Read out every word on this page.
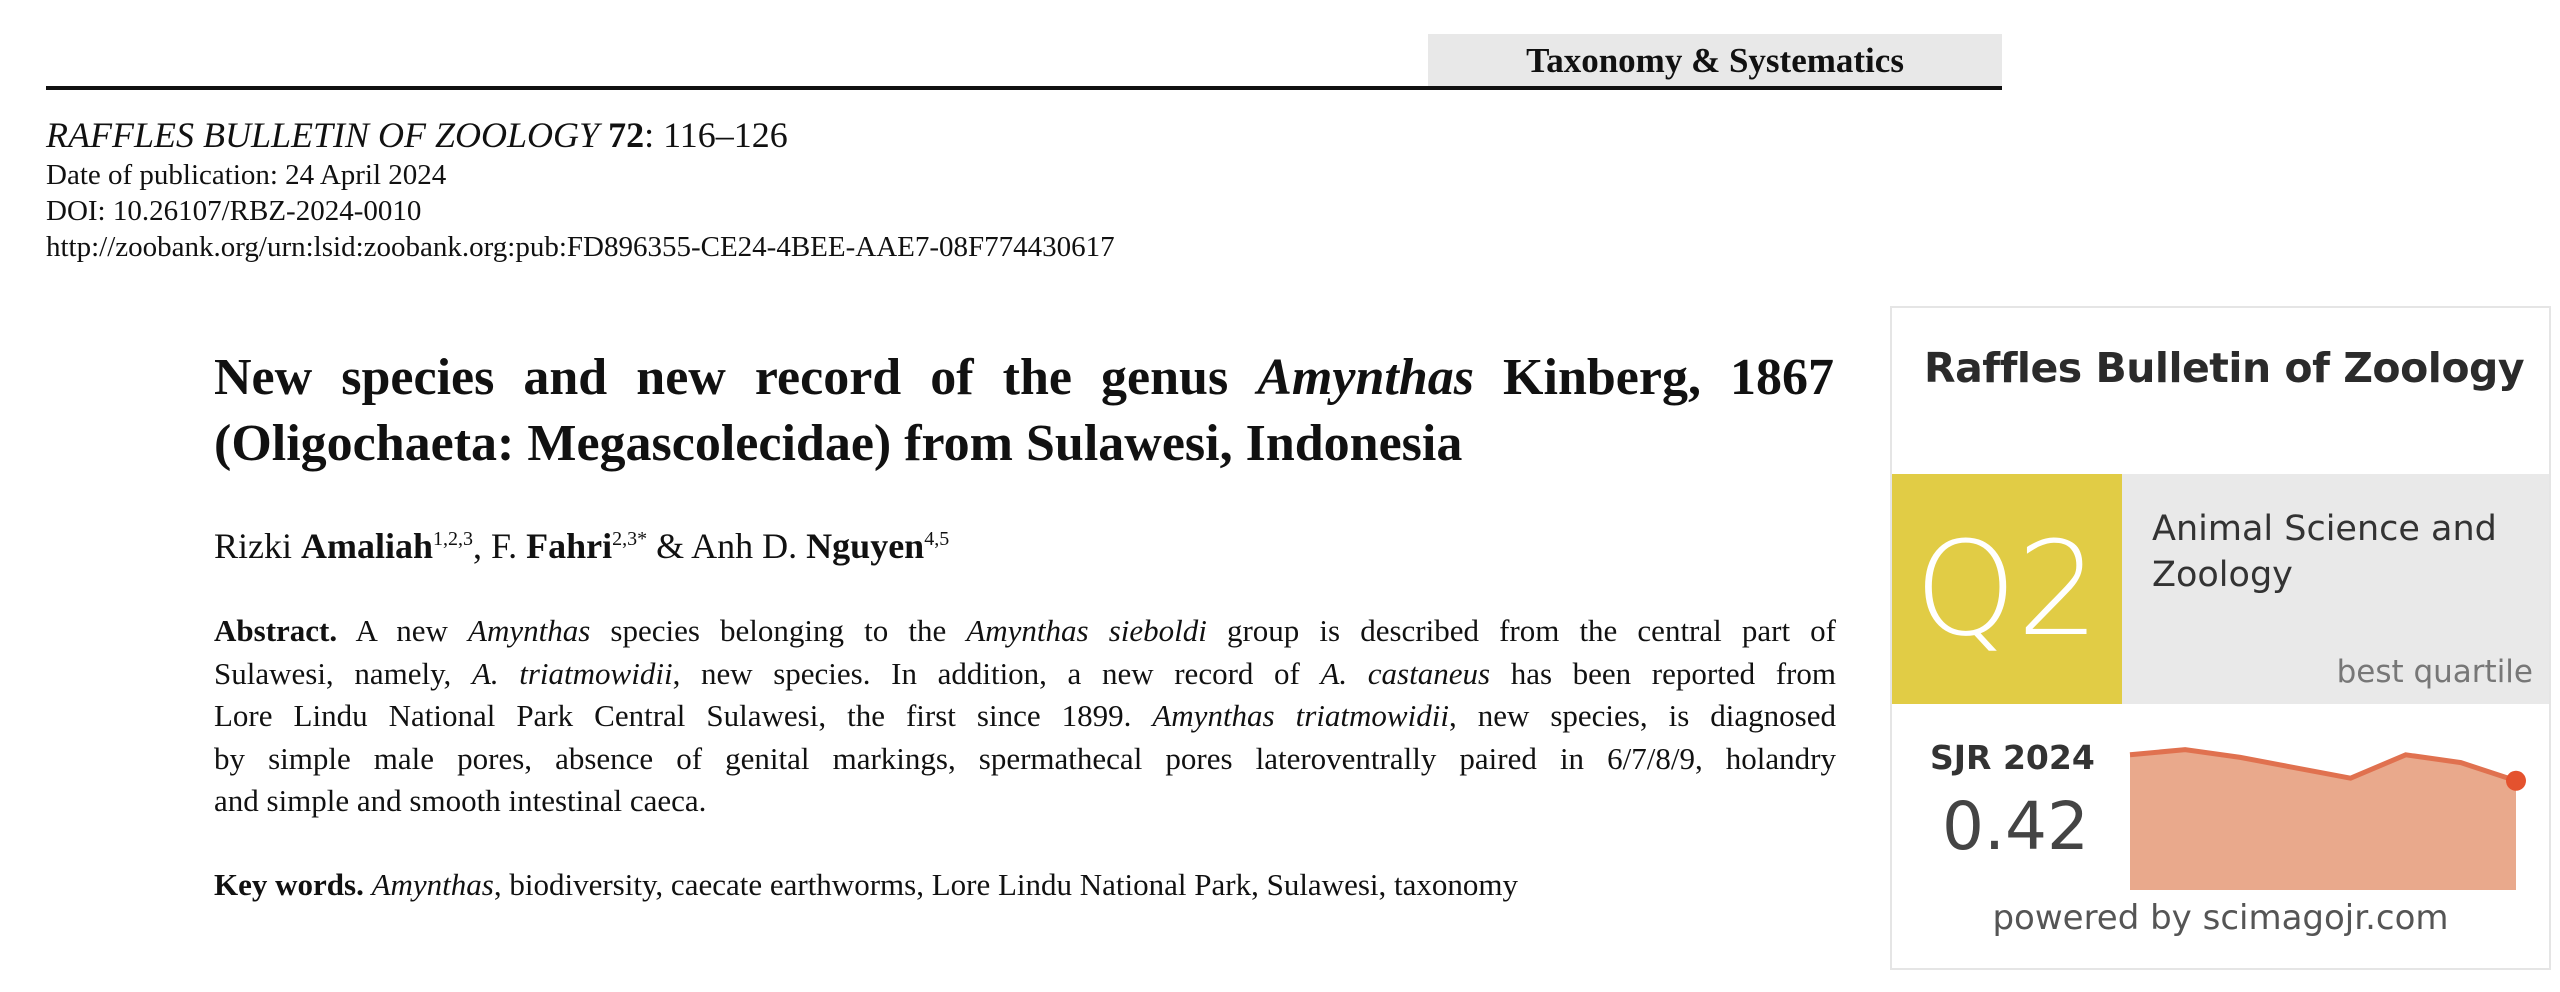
Taxonomy & Systematics
RAFFLES BULLETIN OF ZOOLOGY 72: 116–126
Date of publication: 24 April 2024
DOI: 10.26107/RBZ-2024-0010
http://zoobank.org/urn:lsid:zoobank.org:pub:FD896355-CE24-4BEE-AAE7-08F774430617
New species and new record of the genus Amynthas Kinberg, 1867
(Oligochaeta: Megascolecidae) from Sulawesi, Indonesia
Rizki Amaliah$^{1,2,3}$, F. Fahri$^{2,3*}$ & Anh D. Nguyen$^{4,5}$
Abstract. A new Amynthas species belonging to the Amynthas sieboldi group is described from the central part of
Sulawesi, namely, A. triatmowidii, new species. In addition, a new record of A. castaneus has been reported from
Lore Lindu National Park Central Sulawesi, the first since 1899. Amynthas triatmowidii, new species, is diagnosed
by simple male pores, absence of genital markings, spermathecal pores lateroventrally paired in 6/7/8/9, holandry
and simple and smooth intestinal caeca.
Key words. Amynthas, biodiversity, caecate earthworms, Lore Lindu National Park, Sulawesi, taxonomy
Raffles Bulletin of Zoology
Q2	Animal Science and Zoology
best quartile
SJR 2024
0.42
powered by scimagojr.com
